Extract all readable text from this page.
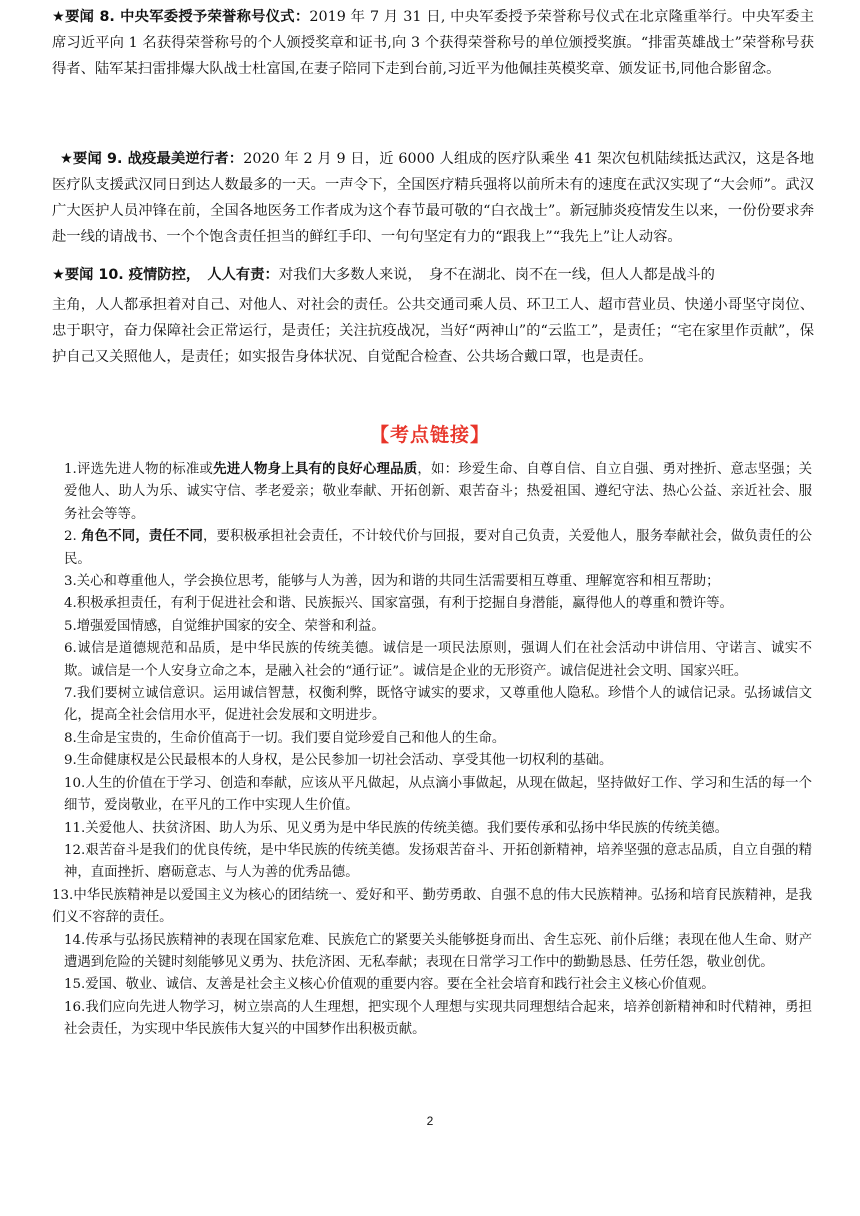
★要闻 8. 中央军委授予荣誉称号仪式：2019 年 7 月 31 日, 中央军委授予荣誉称号仪式在北京隆重举行。中央军委主席习近平向 1 名获得荣誉称号的个人颁授奖章和证书,向 3 个获得荣誉称号的单位颁授奖旗。“排雷英雄战士”荣誉称号获得者、陆军某扫雷排爆大队战士杜富国,在妻子陪同下走到台前,习近平为他佩挂英模奖章、颁发证书,同他合影留念。

★要闻 9. 战疫最美逆行者：2020 年 2 月 9 日，近 6000 人组成的医疗队乘坐 41 架次包机陆续抵达武汉，这是各地医疗队支援武汉同日到达人数最多的一天。一声令下，全国医疗精兵强将以前所未有的速度在武汉实现了“大会师”。武汉广大医护人员冲锋在前，全国各地医务工作者成为这个春节最可敬的“白衣战士”。新冠肺炎疫情发生以来，一份份要求奔赴一线的请战书、一个个饱含责任担当的鲜红手印、一句句坚定有力的“跟我上”“我先上”让人动容。

★要闻 10. 疫情防控，　人人有责：对我们大多数人来说，　身不在湖北、岗不在一线，但人人都是战斗的
主角，人人都承担着对自己、对他人、对社会的责任。公共交通司乘人员、环卫工人、超市营业员、快递小哥坚守岗位、忠于职守，奋力保障社会正常运行，是责任；关注抗疫战况，当好“两神山”的“云监工”，是责任；“宅在家里作贡献”，保护自己又关照他人，是责任；如实报告身体状况、自觉配合检查、公共场合戴口罩，也是责任。
【考点链接】

1.评选先进人物的标准或先进人物身上具有的良好心理品质，如：珍爱生命、自尊自信、自立自强、勇对挫折、意志坚强；关爱他人、助人为乐、诚实守信、孝老爱亲；敬业奉献、开拓创新、艰苦奋斗；热爱祖国、遵纪守法、热心公益、亲近社会、服务社会等等。

2. 角色不同，责任不同，要积极承担社会责任，不计较代价与回报，要对自己负责，关爱他人，服务奉献社会，做负责任的公民。

3.关心和尊重他人，学会换位思考，能够与人为善，因为和谐的共同生活需要相互尊重、理解宽容和相互帮助；

4.积极承担责任，有利于促进社会和谐、民族振兴、国家富强，有利于挖掘自身潜能，赢得他人的尊重和赞许等。

5.增强爱国情感，自觉维护国家的安全、荣誉和利益。

6.诚信是道德规范和品质，是中华民族的传统美德。诚信是一项民法原则，强调人们在社会活动中讲信用、守诺言、诚实不欺。诚信是一个人安身立命之本，是融入社会的“通行证”。诚信是企业的无形资产。诚信促进社会文明、国家兴旺。

7.我们要树立诚信意识。运用诚信智慧，权衡利弊，既恪守诚实的要求，又尊重他人隐私。珍惜个人的诚信记录。弘扬诚信文化，提高全社会信用水平，促进社会发展和文明进步。

8.生命是宝贵的，生命价值高于一切。我们要自觉珍爱自己和他人的生命。

9.生命健康权是公民最根本的人身权，是公民参加一切社会活动、享受其他一切权利的基础。

10.人生的价值在于学习、创造和奉献，应该从平凡做起，从点滴小事做起，从现在做起，坚持做好工作、学习和生活的每一个细节，爱岗敬业，在平凡的工作中实现人生价值。

11.关爱他人、扶贫济困、助人为乐、见义勇为是中华民族的传统美德。我们要传承和弘扬中华民族的传统美德。

12.艰苦奋斗是我们的优良传统，是中华民族的传统美德。发扬艰苦奋斗、开拓创新精神，培养坚强的意志品质，自立自强的精神，直面挫折、磨砺意志、与人为善的优秀品德。

13.中华民族精神是以爱国主义为核心的团结统一、爱好和平、勤劳勇敢、自强不息的伟大民族精神。弘扬和培育民族精神，是我们义不容辞的责任。

14.传承与弘扬民族精神的表现在国家危难、民族危亡的紧要关头能够挺身而出、舍生忘死、前仆后继；表现在他人生命、财产遭遇到危险的关键时刻能够见义勇为、扶危济困、无私奉献；表现在日常学习工作中的勤勤恳恳、任劳任怨，敬业创优。

15.爱国、敬业、诚信、友善是社会主义核心价值观的重要内容。要在全社会培育和践行社会主义核心价值观。

16.我们应向先进人物学习，树立崇高的人生理想，把实现个人理想与实现共同理想结合起来，培养创新精神和时代精神，勇担社会责任，为实现中华民族伟大复兴的中国梦作出积极贡献。

2
